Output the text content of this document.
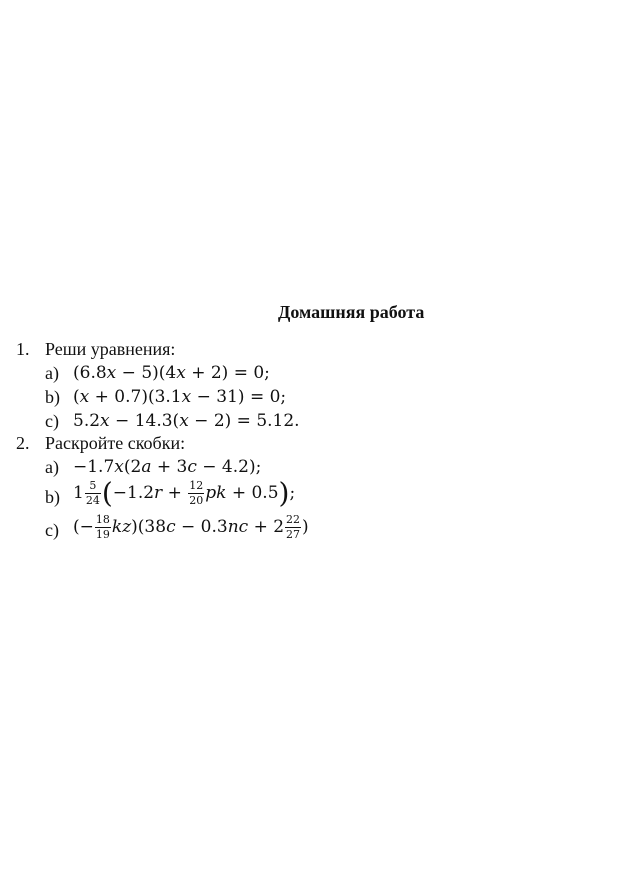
Домашняя работа
1. Реши уравнения:
a) (6.8x − 5)(4x + 2) = 0;
b) (x + 0.7)(3.1x − 31) = 0;
c) 5.2x − 14.3(x − 2) = 5.12.
2. Раскройте скобки:
a) −1.7x(2a + 3c − 4.2);
b) $1 \frac{5}{24} (-1.2r + \frac{12}{20}$ pk + 0.5);
c) (− $\frac{18}{19} kz)(38c - 0.3nc + 2 \frac{22}{27}$ )
